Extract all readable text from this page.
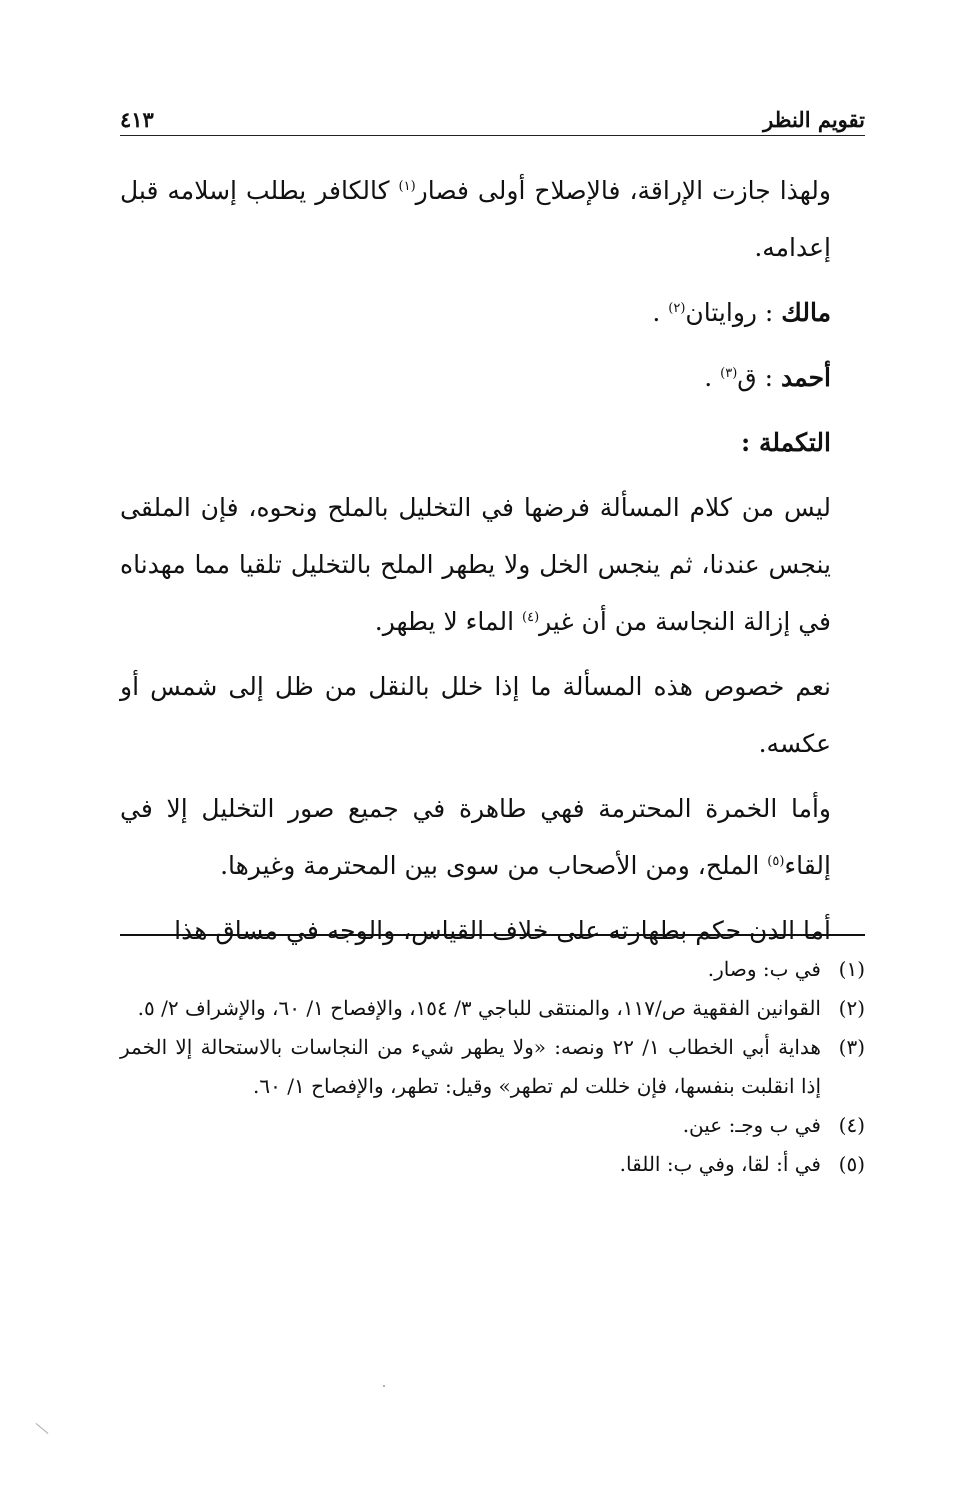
تقويم النظر
٤١٣

ولهذا جازت الإراقة، فالإصلاح أولى فصار$^{(١)}$ كالكافر يطلب إسلامه قبل إعدامه.

مالك : روايتان$^{(٢)}$ .

أحمد : ق$^{(٣)}$ .

التكملة :

ليس من كلام المسألة فرضها في التخليل بالملح ونحوه، فإن الملقى ينجس عندنا، ثم ينجس الخل ولا يطهر الملح بالتخليل تلقيا مما مهدناه في إزالة النجاسة من أن غير$^{(٤)}$ الماء لا يطهر.

نعم خصوص هذه المسألة ما إذا خلل بالنقل من ظل إلى شمس أو عكسه.

وأما الخمرة المحترمة فهي طاهرة في جميع صور التخليل إلا في إلقاء$^{(٥)}$ الملح، ومن الأصحاب من سوى بين المحترمة وغيرها.

أما الدن حكم بطهارته على خلاف القياس، والوجه في مساق هذا

(١)
في ب: وصار.
(٢)
القوانين الفقهية ص/١١٧، والمنتقى للباجي ٣/ ١٥٤، والإفصاح ١/ ٦٠، والإشراف ٢/ ٥.
(٣)
هداية أبي الخطاب ١/ ٢٢ ونصه: «ولا يطهر شيء من النجاسات بالاستحالة إلا الخمر إذا انقلبت بنفسها، فإن خللت لم تطهر» وقيل: تطهر، والإفصاح ١/ ٦٠.
(٤)
في ب وجـ: عين.
(٥)
في أ: لقا، وفي ب: اللقا.
